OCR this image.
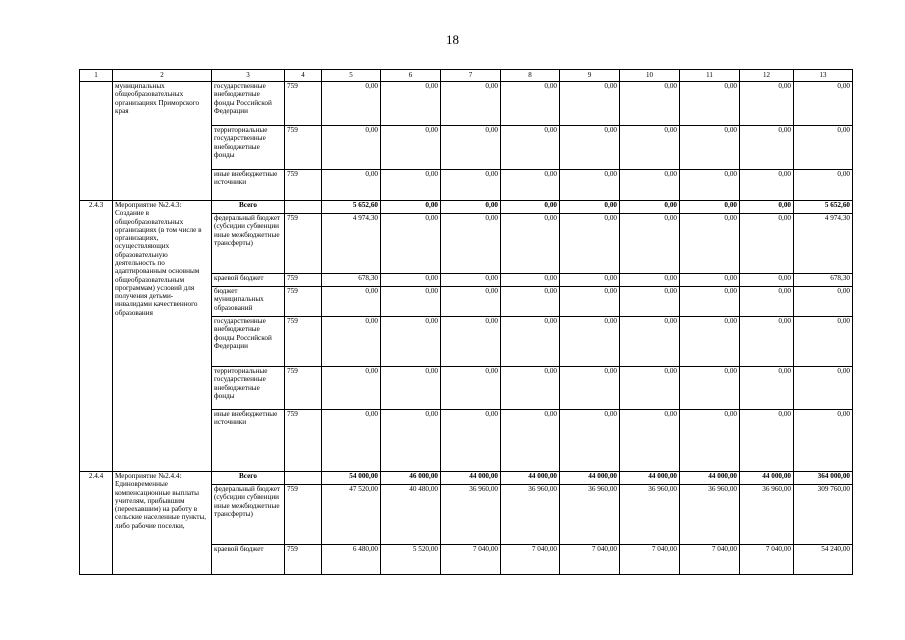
18
1	2	3	4	5	6	7	8	9	10	11	12	13
	муниципальных общеобразовательных организациях Приморского края	государственные внебюджетные фонды Российской Федерации	759	0,00	0,00	0,00	0,00	0,00	0,00	0,00	0,00	0,00
		территориальные государственные внебюджетные фонды	759	0,00	0,00	0,00	0,00	0,00	0,00	0,00	0,00	0,00
		иные внебюджетные источники	759	0,00	0,00	0,00	0,00	0,00	0,00	0,00	0,00	0,00
2.4.3	Мероприятие №2.4.3: Создание в общеобразовательных организациях (в том числе в организациях, осуществляющих образовательную деятельность по адаптированным основным общеобразовательным программам) условий для получения детьми-инвалидами качественного образования	Всего		5 652,60	0,00	0,00	0,00	0,00	0,00	0,00	0,00	5 652,60
		федеральный бюджет (субсидии субвенции иные межбюджетные трансферты)	759	4 974,30	0,00	0,00	0,00	0,00	0,00	0,00	0,00	4 974,30
		краевой бюджет	759	678,30	0,00	0,00	0,00	0,00	0,00	0,00	0,00	678,30
		бюджет муниципальных образований	759	0,00	0,00	0,00	0,00	0,00	0,00	0,00	0,00	0,00
		государственные внебюджетные фонды Российской Федерации	759	0,00	0,00	0,00	0,00	0,00	0,00	0,00	0,00	0,00
		территориальные государственные внебюджетные фонды	759	0,00	0,00	0,00	0,00	0,00	0,00	0,00	0,00	0,00
		иные внебюджетные источники	759	0,00	0,00	0,00	0,00	0,00	0,00	0,00	0,00	0,00
2.4.4	Мероприятие №2.4.4: Единовременные компенсационные выплаты учителям, прибывшим (переехавшим) на работу в сельские населенные пункты, либо рабочие поселки,	Всего		54 000,00	46 000,00	44 000,00	44 000,00	44 000,00	44 000,00	44 000,00	44 000,00	364 000,00
		федеральный бюджет (субсидии субвенции иные межбюджетные трансферты)	759	47 520,00	40 480,00	36 960,00	36 960,00	36 960,00	36 960,00	36 960,00	36 960,00	309 760,00
		краевой бюджет	759	6 480,00	5 520,00	7 040,00	7 040,00	7 040,00	7 040,00	7 040,00	7 040,00	54 240,00
